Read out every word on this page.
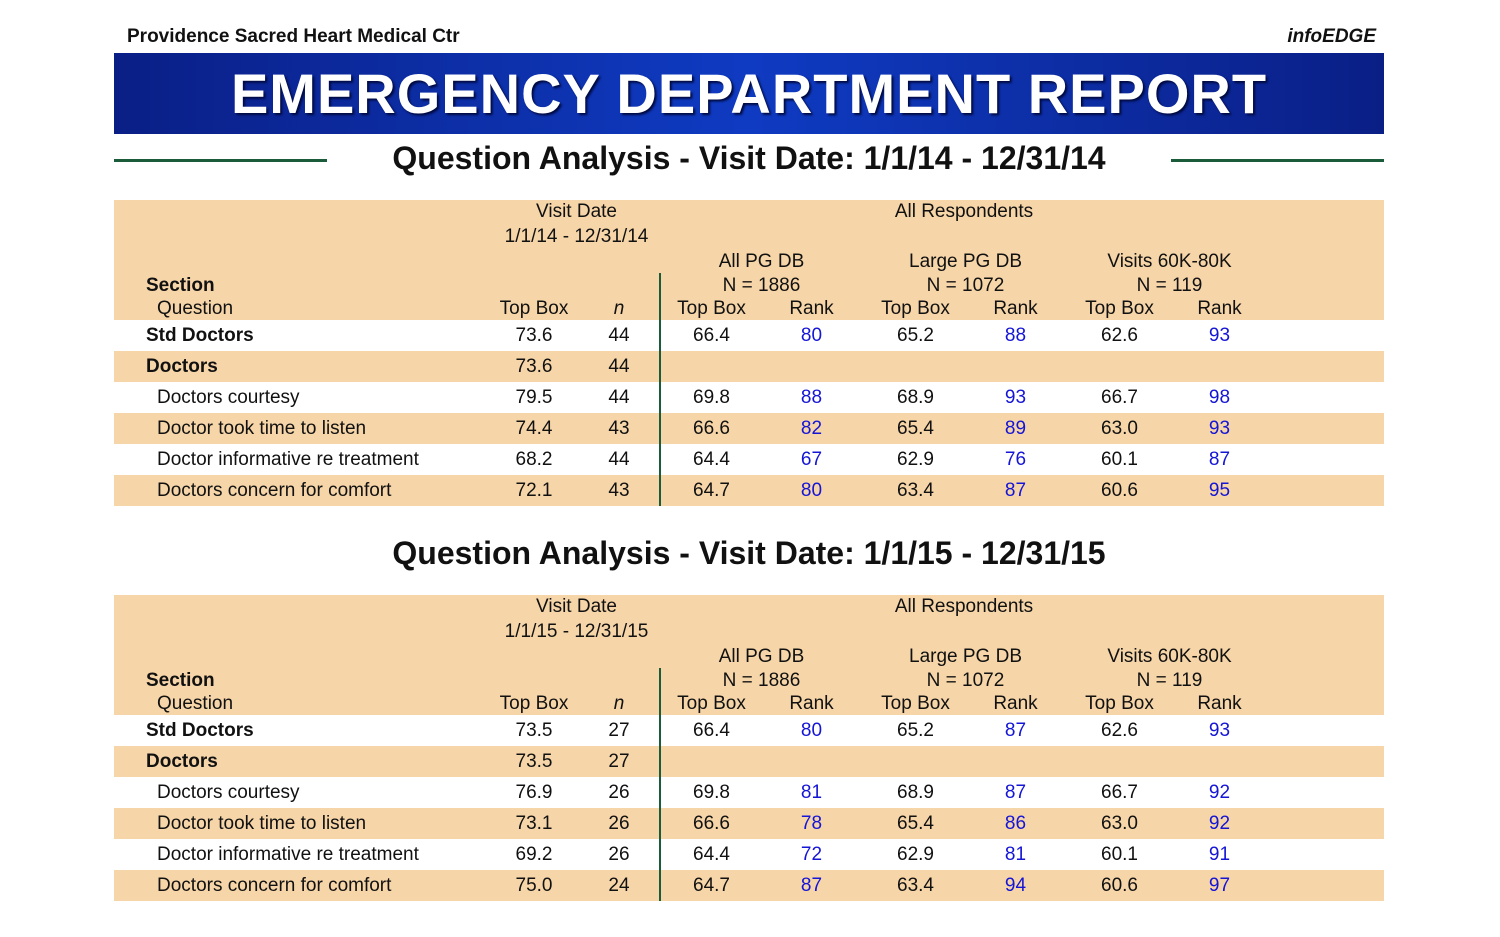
Providence Sacred Heart Medical Ctr	infoEDGE
EMERGENCY DEPARTMENT REPORT
Question Analysis - Visit Date: 1/1/14 - 12/31/14
Visit Date
1/1/14 - 12/31/14
All Respondents
All PG DB
N = 1886
Large PG DB
N = 1072
Visits 60K-80K
N = 119
Section
Question	Top Box	n	Top Box	Rank	Top Box	Rank	Top Box	Rank
Std Doctors	73.6	44	66.4	80	65.2	88	62.6	93
Doctors	73.6	44
Doctors courtesy	79.5	44	69.8	88	68.9	93	66.7	98
Doctor took time to listen	74.4	43	66.6	82	65.4	89	63.0	93
Doctor informative re treatment	68.2	44	64.4	67	62.9	76	60.1	87
Doctors concern for comfort	72.1	43	64.7	80	63.4	87	60.6	95
Question Analysis - Visit Date: 1/1/15 - 12/31/15
Visit Date
1/1/15 - 12/31/15
All Respondents
All PG DB
N = 1886
Large PG DB
N = 1072
Visits 60K-80K
N = 119
Section
Question	Top Box	n	Top Box	Rank	Top Box	Rank	Top Box	Rank
Std Doctors	73.5	27	66.4	80	65.2	87	62.6	93
Doctors	73.5	27
Doctors courtesy	76.9	26	69.8	81	68.9	87	66.7	92
Doctor took time to listen	73.1	26	66.6	78	65.4	86	63.0	92
Doctor informative re treatment	69.2	26	64.4	72	62.9	81	60.1	91
Doctors concern for comfort	75.0	24	64.7	87	63.4	94	60.6	97
